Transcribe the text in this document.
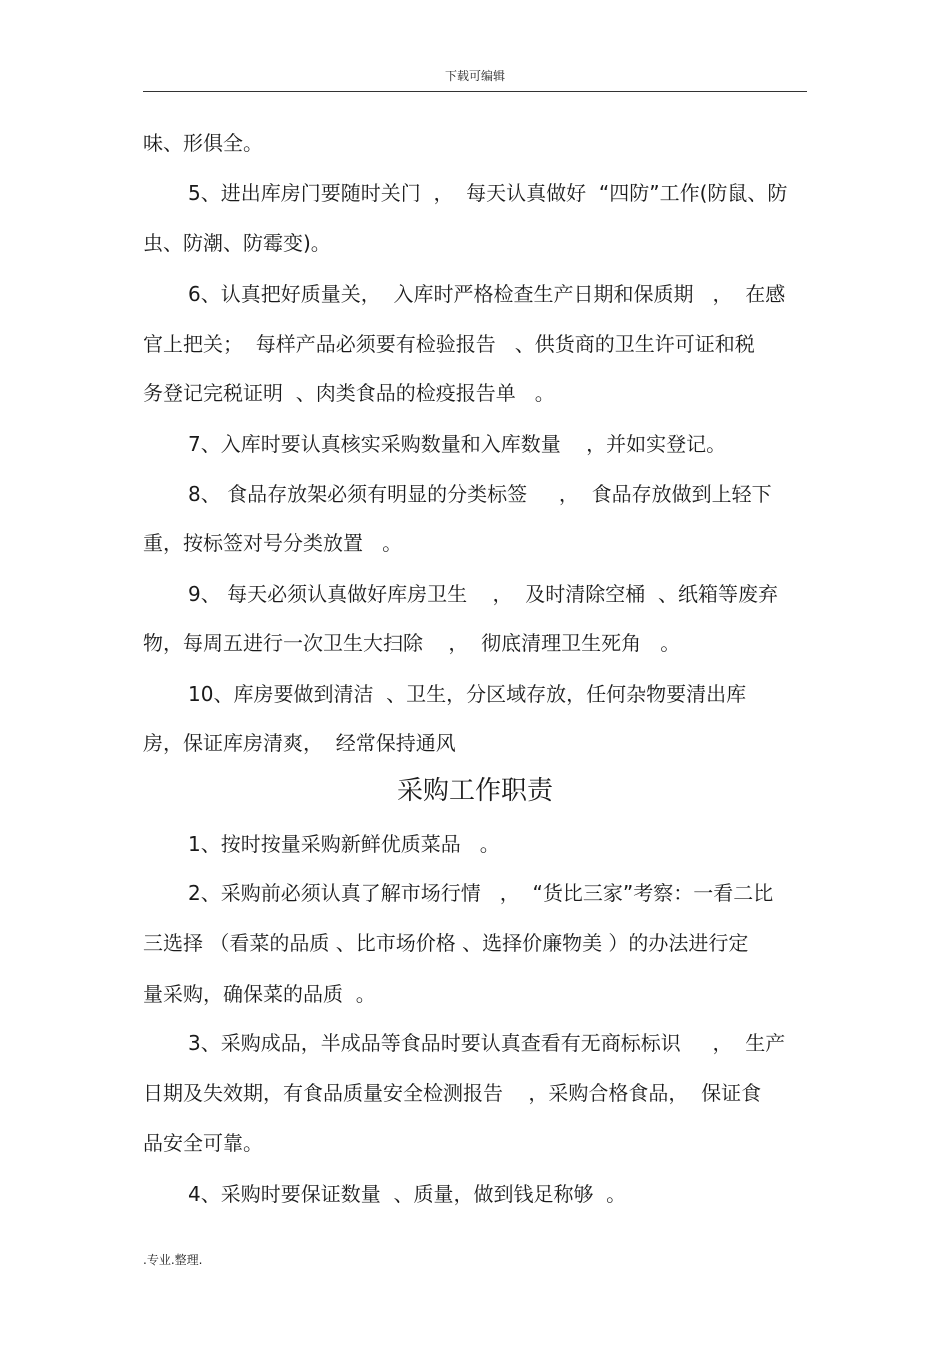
下载可编辑
味、形俱全。
5、进出库房门要随时关门  ，  每天认真做好  “四防”工作(防鼠、防
虫、防潮、防霉变)。
6、认真把好质量关，  入库时严格检查生产日期和保质期   ，  在感
官上把关；  每样产品必须要有检验报告   、供货商的卫生许可证和税
务登记完税证明  、肉类食品的检疫报告单   。
7、入库时要认真核实采购数量和入库数量    ，并如实登记。
8、 食品存放架必须有明显的分类标签     ，  食品存放做到上轻下
重，按标签对号分类放置   。
9、 每天必须认真做好库房卫生    ，  及时清除空桶  、纸箱等废弃
物，每周五进行一次卫生大扫除    ，  彻底清理卫生死角   。
10、库房要做到清洁  、卫生，分区域存放，任何杂物要清出库
房，保证库房清爽，  经常保持通风
采购工作职责
1、按时按量采购新鲜优质菜品   。
2、采购前必须认真了解市场行情   ，  “货比三家”考察：一看二比
三选择 （看菜的品质 、比市场价格 、选择价廉物美 ）的办法进行定
量采购，确保菜的品质  。
3、采购成品，半成品等食品时要认真查看有无商标标识     ，  生产
日期及失效期，有食品质量安全检测报告    ，采购合格食品，  保证食
品安全可靠。
4、采购时要保证数量  、质量，做到钱足称够  。
.专业.整理.
